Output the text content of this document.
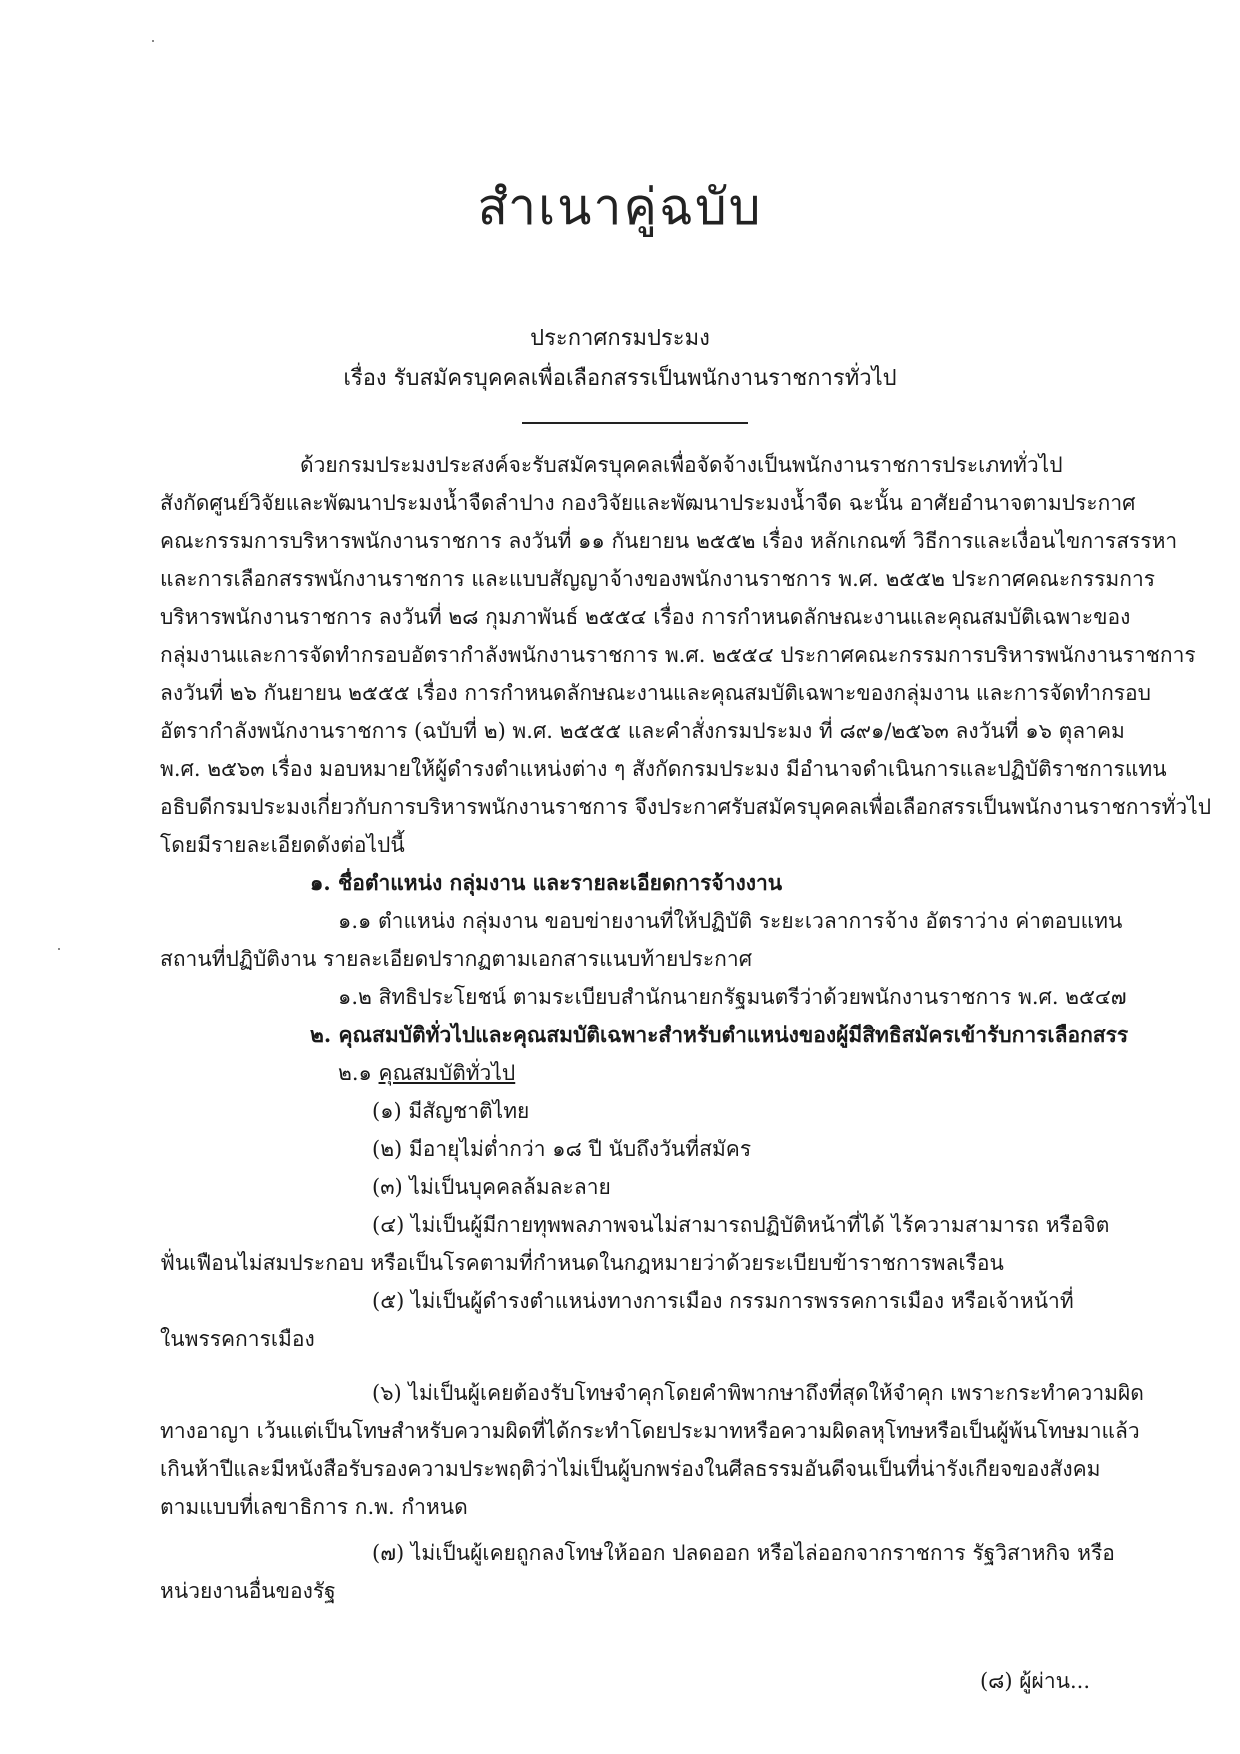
สำเนาคู่ฉบับ
ประกาศกรมประมง
เรื่อง รับสมัครบุคคลเพื่อเลือกสรรเป็นพนักงานราชการทั่วไป
ด้วยกรมประมงประสงค์จะรับสมัครบุคคลเพื่อจัดจ้างเป็นพนักงานราชการประเภททั่วไป
สังกัดศูนย์วิจัยและพัฒนาประมงน้ำจืดลำปาง กองวิจัยและพัฒนาประมงน้ำจืด ฉะนั้น อาศัยอำนาจตามประกาศ
คณะกรรมการบริหารพนักงานราชการ ลงวันที่ ๑๑ กันยายน ๒๕๕๒ เรื่อง หลักเกณฑ์ วิธีการและเงื่อนไขการสรรหา
และการเลือกสรรพนักงานราชการ และแบบสัญญาจ้างของพนักงานราชการ พ.ศ. ๒๕๕๒ ประกาศคณะกรรมการ
บริหารพนักงานราชการ ลงวันที่ ๒๘ กุมภาพันธ์ ๒๕๕๔ เรื่อง การกำหนดลักษณะงานและคุณสมบัติเฉพาะของ
กลุ่มงานและการจัดทำกรอบอัตรากำลังพนักงานราชการ พ.ศ. ๒๕๕๔ ประกาศคณะกรรมการบริหารพนักงานราชการ
ลงวันที่ ๒๖ กันยายน ๒๕๕๕ เรื่อง การกำหนดลักษณะงานและคุณสมบัติเฉพาะของกลุ่มงาน และการจัดทำกรอบ
อัตรากำลังพนักงานราชการ (ฉบับที่ ๒) พ.ศ. ๒๕๕๕ และคำสั่งกรมประมง ที่ ๘๙๑/๒๕๖๓ ลงวันที่ ๑๖ ตุลาคม
พ.ศ. ๒๕๖๓ เรื่อง มอบหมายให้ผู้ดำรงตำแหน่งต่าง ๆ สังกัดกรมประมง มีอำนาจดำเนินการและปฏิบัติราชการแทน
อธิบดีกรมประมงเกี่ยวกับการบริหารพนักงานราชการ จึงประกาศรับสมัครบุคคลเพื่อเลือกสรรเป็นพนักงานราชการทั่วไป
โดยมีรายละเอียดดังต่อไปนี้
๑. ชื่อตำแหน่ง กลุ่มงาน และรายละเอียดการจ้างงาน
๑.๑ ตำแหน่ง กลุ่มงาน ขอบข่ายงานที่ให้ปฏิบัติ ระยะเวลาการจ้าง อัตราว่าง ค่าตอบแทน
สถานที่ปฏิบัติงาน รายละเอียดปรากฏตามเอกสารแนบท้ายประกาศ
๑.๒ สิทธิประโยชน์ ตามระเบียบสำนักนายกรัฐมนตรีว่าด้วยพนักงานราชการ พ.ศ. ๒๕๔๗
๒. คุณสมบัติทั่วไปและคุณสมบัติเฉพาะสำหรับตำแหน่งของผู้มีสิทธิสมัครเข้ารับการเลือกสรร
๒.๑ คุณสมบัติทั่วไป
(๑) มีสัญชาติไทย
(๒) มีอายุไม่ต่ำกว่า ๑๘ ปี นับถึงวันที่สมัคร
(๓) ไม่เป็นบุคคลล้มละลาย
(๔) ไม่เป็นผู้มีกายทุพพลภาพจนไม่สามารถปฏิบัติหน้าที่ได้ ไร้ความสามารถ หรือจิต
ฟั่นเฟือนไม่สมประกอบ หรือเป็นโรคตามที่กำหนดในกฎหมายว่าด้วยระเบียบข้าราชการพลเรือน
(๕) ไม่เป็นผู้ดำรงตำแหน่งทางการเมือง กรรมการพรรคการเมือง หรือเจ้าหน้าที่
ในพรรคการเมือง
(๖) ไม่เป็นผู้เคยต้องรับโทษจำคุกโดยคำพิพากษาถึงที่สุดให้จำคุก เพราะกระทำความผิด
ทางอาญา เว้นแต่เป็นโทษสำหรับความผิดที่ได้กระทำโดยประมาทหรือความผิดลหุโทษหรือเป็นผู้พ้นโทษมาแล้ว
เกินห้าปีและมีหนังสือรับรองความประพฤติว่าไม่เป็นผู้บกพร่องในศีลธรรมอันดีจนเป็นที่น่ารังเกียจของสังคม
ตามแบบที่เลขาธิการ ก.พ. กำหนด
(๗) ไม่เป็นผู้เคยถูกลงโทษให้ออก ปลดออก หรือไล่ออกจากราชการ รัฐวิสาหกิจ หรือ
หน่วยงานอื่นของรัฐ
(๘) ผู้ผ่าน...
